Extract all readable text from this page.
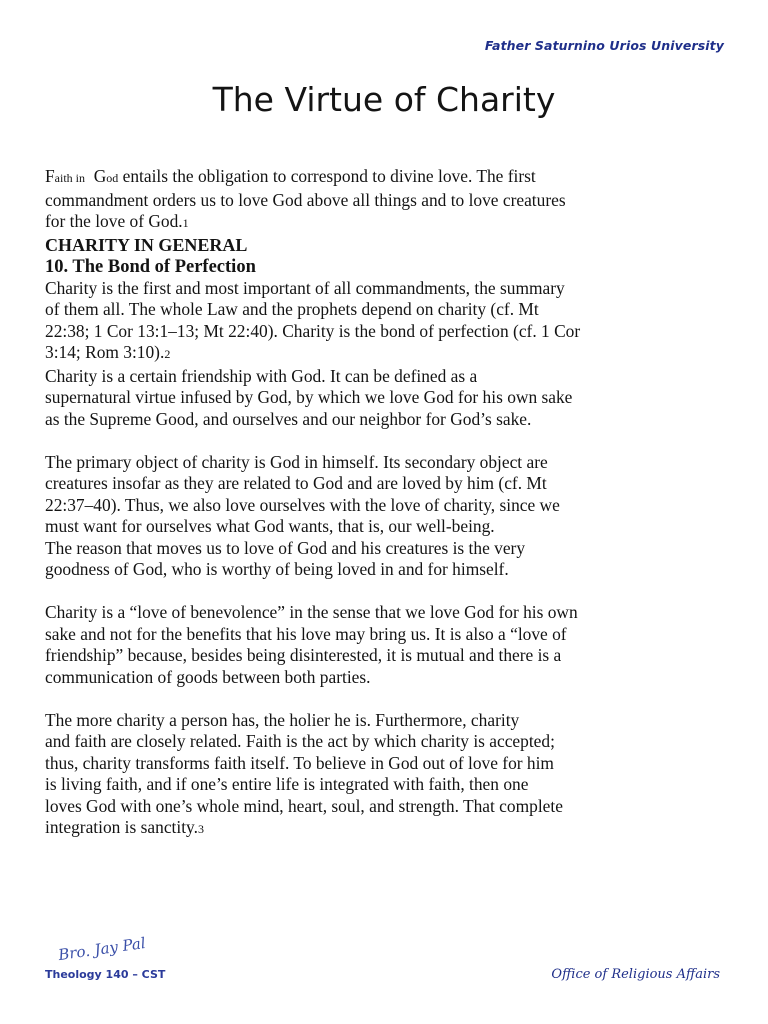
Father Saturnino Urios University
The Virtue of Charity

Faith in God entails the obligation to correspond to divine love. The first

commandment orders us to love God above all things and to love creatures

for the love of God.1

CHARITY IN GENERAL

10. The Bond of Perfection

Charity is the first and most important of all commandments, the summary

of them all. The whole Law and the prophets depend on charity (cf. Mt

22:38; 1 Cor 13:1–13; Mt 22:40). Charity is the bond of perfection (cf. 1 Cor

3:14; Rom 3:10).2

Charity is a certain friendship with God. It can be defined as a

supernatural virtue infused by God, by which we love God for his own sake

as the Supreme Good, and ourselves and our neighbor for God’s sake.

The primary object of charity is God in himself. Its secondary object are

creatures insofar as they are related to God and are loved by him (cf. Mt

22:37–40). Thus, we also love ourselves with the love of charity, since we

must want for ourselves what God wants, that is, our well-being.

The reason that moves us to love of God and his creatures is the very

goodness of God, who is worthy of being loved in and for himself.

Charity is a “love of benevolence” in the sense that we love God for his own

sake and not for the benefits that his love may bring us. It is also a “love of

friendship” because, besides being disinterested, it is mutual and there is a

communication of goods between both parties.

The more charity a person has, the holier he is. Furthermore, charity

and faith are closely related. Faith is the act by which charity is accepted;

thus, charity transforms faith itself. To believe in God out of love for him

is living faith, and if one’s entire life is integrated with faith, then one

loves God with one’s whole mind, heart, soul, and strength. That complete

integration is sanctity.3

Bro. Jay Pal
Theology 140 – CST	Office of Religious Affairs
